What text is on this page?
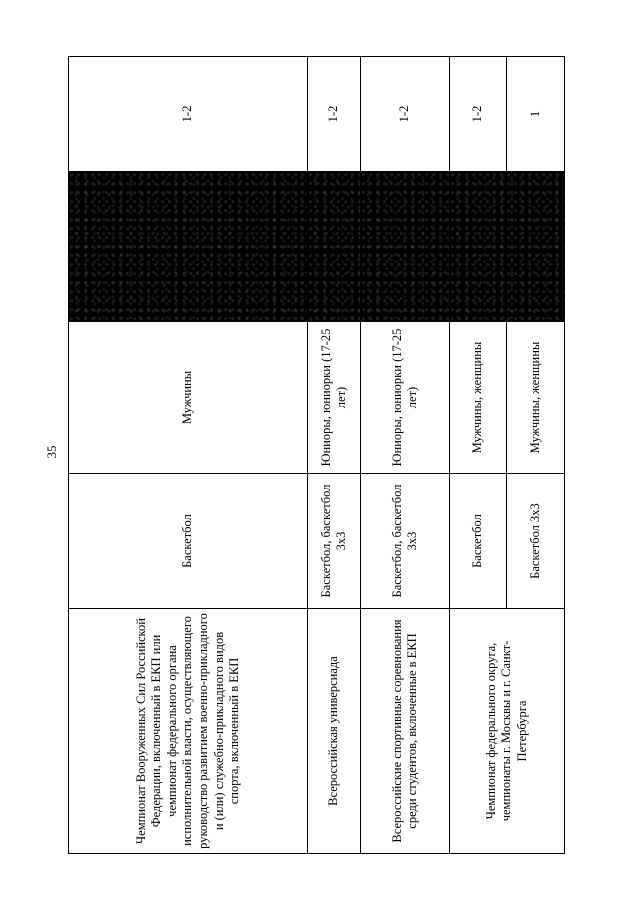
35
Чемпионат Вооруженных Сил Российской Федерации, включенный в ЕКП или чемпионат федерального органа исполнительной власти, осуществляющего руководство развитием военно-прикладного и (или) служебно-прикладного видов спорта, включенный в ЕКП	Баскетбол	Мужчины		1-2
Всероссийская универсиада	Баскетбол, баскетбол 3х3	Юниоры, юниорки (17-25 лет)		1-2
Всероссийские спортивные соревнования среди студентов, включенные в ЕКП	Баскетбол, баскетбол 3х3	Юниоры, юниорки (17-25 лет)		1-2
Чемпионат федерального округа, чемпионаты г. Москвы и г. Санкт-Петербурга	Баскетбол	Мужчины, женщины		1-2
	Баскетбол 3х3	Мужчины, женщины		1
